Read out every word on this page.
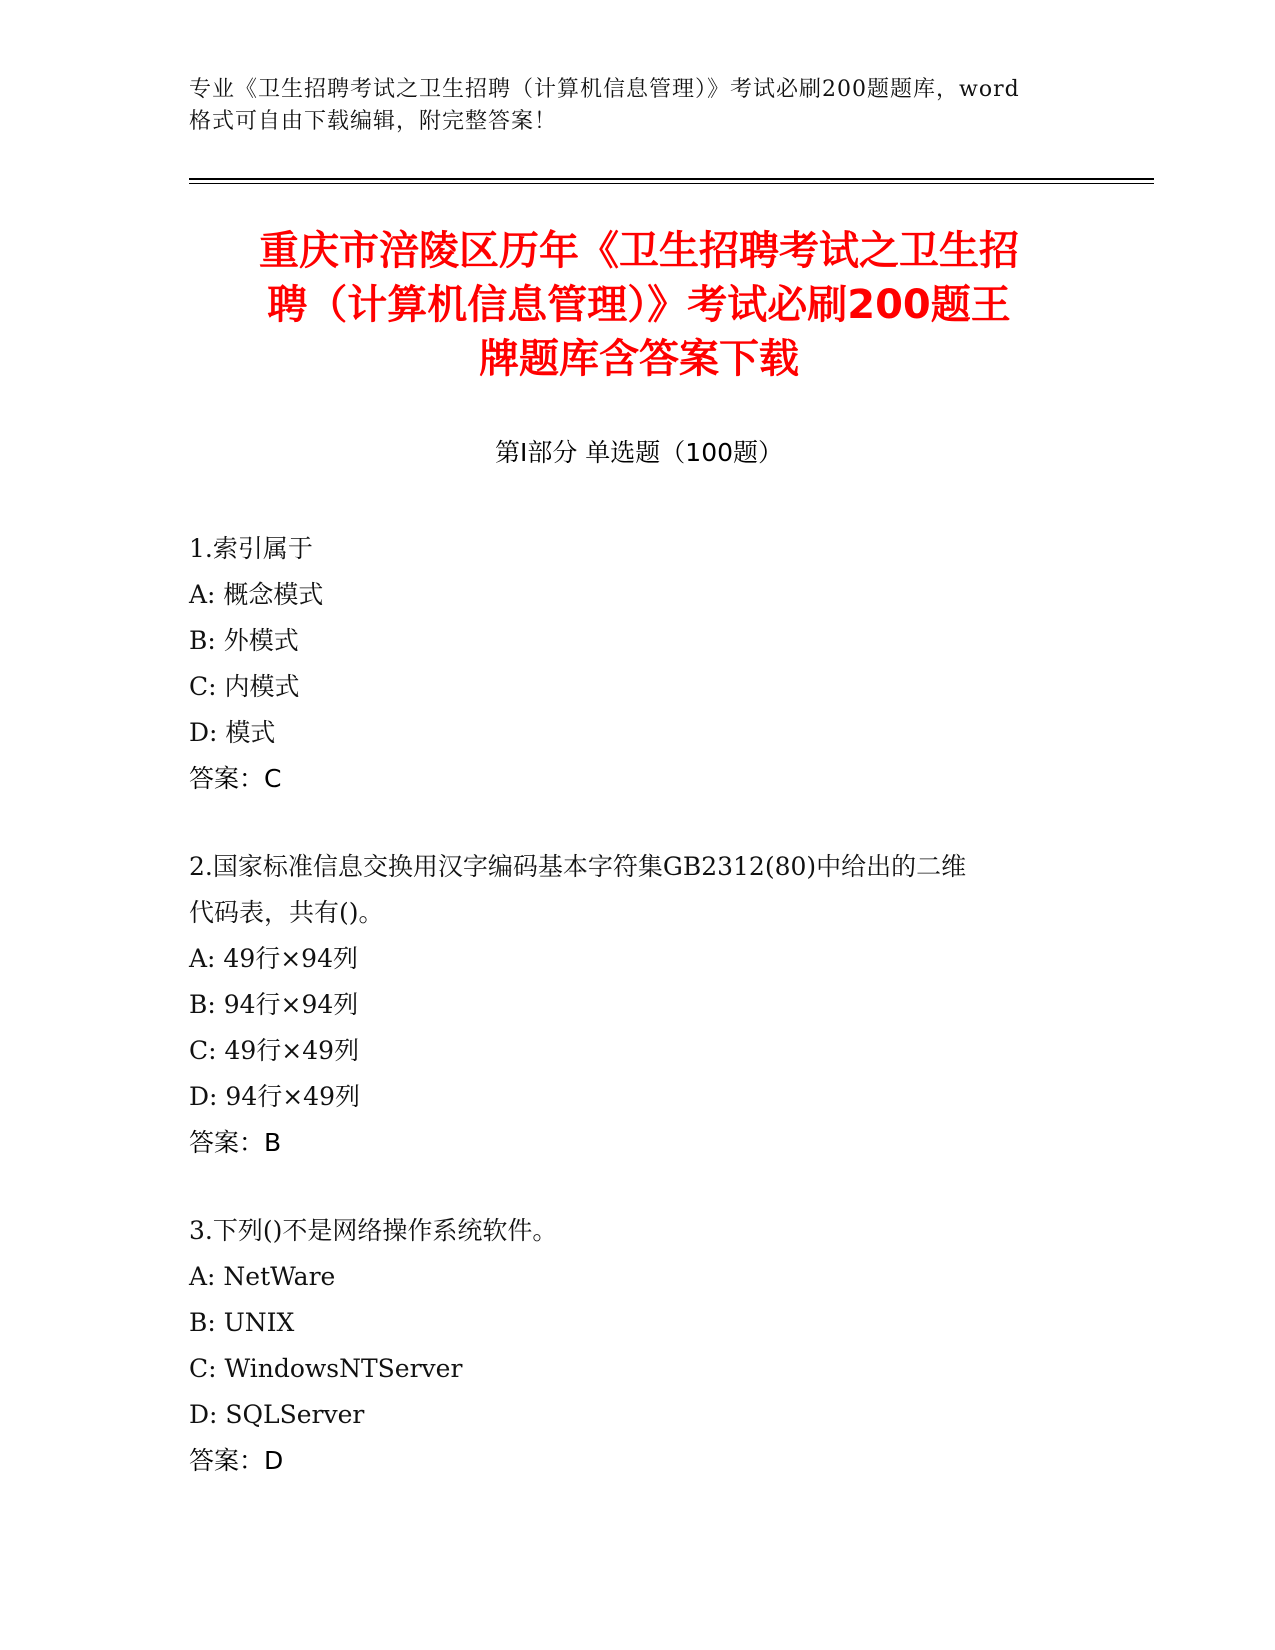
专业《卫生招聘考试之卫生招聘（计算机信息管理）》考试必刷200题题库，word
格式可自由下载编辑，附完整答案！
重庆市涪陵区历年《卫生招聘考试之卫生招
聘（计算机信息管理）》考试必刷200题王
牌题库含答案下载
第Ⅰ部分 单选题（100题）
1.索引属于
A: 概念模式
B: 外模式
C: 内模式
D: 模式
答案：C
2.国家标准信息交换用汉字编码基本字符集GB2312(80)中给出的二维
代码表，共有()。
A: 49行×94列
B: 94行×94列
C: 49行×49列
D: 94行×49列
答案：B
3.下列()不是网络操作系统软件。
A: NetWare
B: UNIX
C: WindowsNTServer
D: SQLServer
答案：D
